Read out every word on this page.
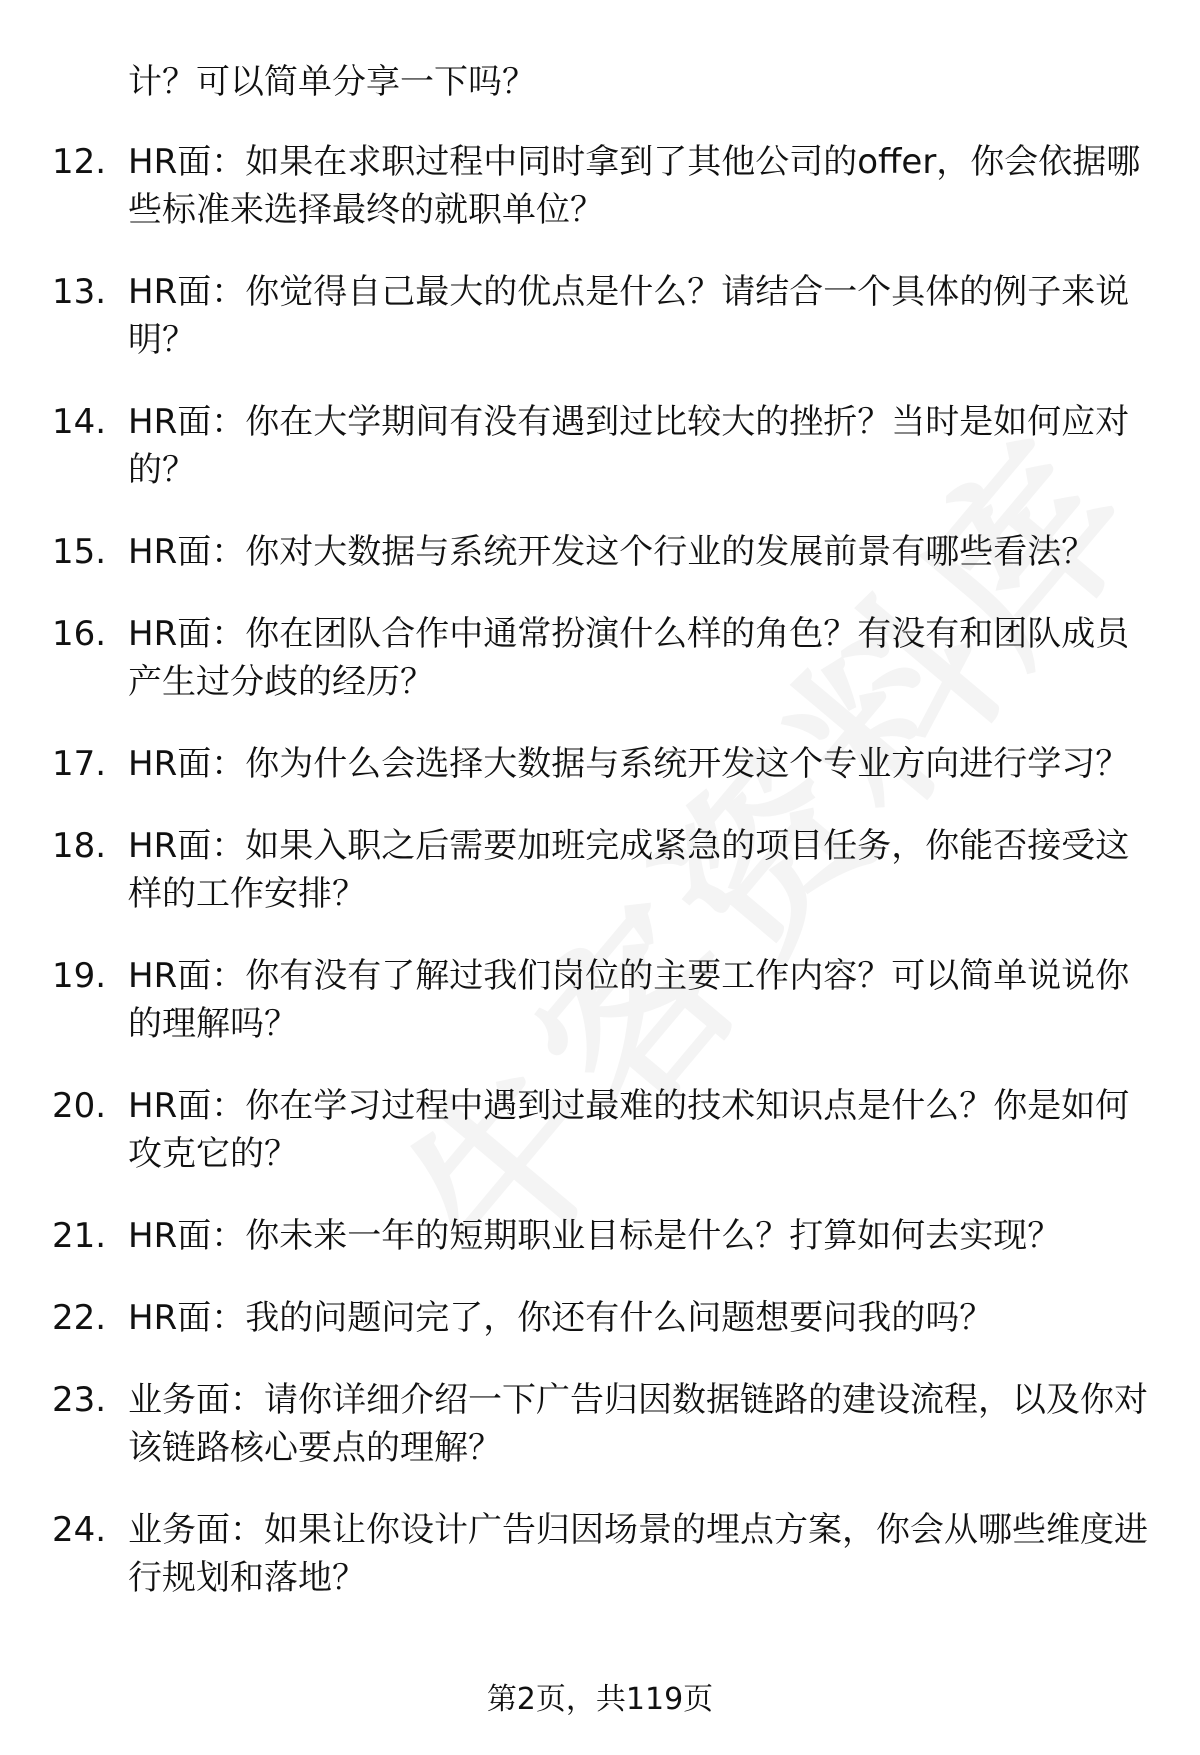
计？可以简单分享一下吗？
12. HR面：如果在求职过程中同时拿到了其他公司的offer，你会依据哪些标准来选择最终的就职单位？
13. HR面：你觉得自己最大的优点是什么？请结合一个具体的例子来说明？
14. HR面：你在大学期间有没有遇到过比较大的挫折？当时是如何应对的？
15. HR面：你对大数据与系统开发这个行业的发展前景有哪些看法？
16. HR面：你在团队合作中通常扮演什么样的角色？有没有和团队成员产生过分歧的经历？
17. HR面：你为什么会选择大数据与系统开发这个专业方向进行学习？
18. HR面：如果入职之后需要加班完成紧急的项目任务，你能否接受这样的工作安排？
19. HR面：你有没有了解过我们岗位的主要工作内容？可以简单说说你的理解吗？
20. HR面：你在学习过程中遇到过最难的技术知识点是什么？你是如何攻克它的？
21. HR面：你未来一年的短期职业目标是什么？打算如何去实现？
22. HR面：我的问题问完了，你还有什么问题想要问我的吗？
23. 业务面：请你详细介绍一下广告归因数据链路的建设流程，以及你对该链路核心要点的理解？
24. 业务面：如果让你设计广告归因场景的埋点方案，你会从哪些维度进行规划和落地？
第2页，共119页
